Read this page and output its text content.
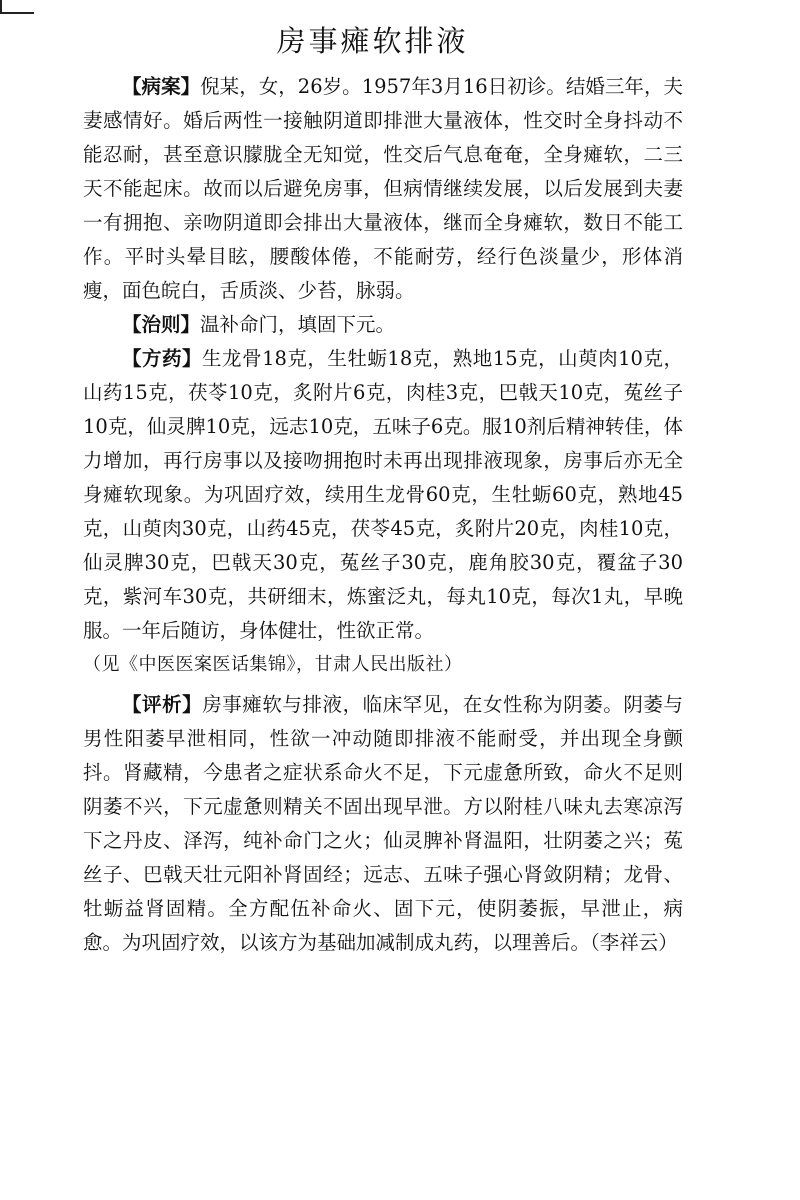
房事瘫软排液

【病案】倪某，女，26岁。1957年3月16日初诊。结婚三年，夫妻感情好。婚后两性一接触阴道即排泄大量液体，性交时全身抖动不能忍耐，甚至意识朦胧全无知觉，性交后气息奄奄，全身瘫软，二三天不能起床。故而以后避免房事，但病情继续发展，以后发展到夫妻一有拥抱、亲吻阴道即会排出大量液体，继而全身瘫软，数日不能工作。平时头晕目眩，腰酸体倦，不能耐劳，经行色淡量少，形体消瘦，面色皖白，舌质淡、少苔，脉弱。

【治则】温补命门，填固下元。

【方药】生龙骨18克，生牡蛎18克，熟地15克，山萸肉10克，山药15克，茯苓10克，炙附片6克，肉桂3克，巴戟天10克，菟丝子10克，仙灵脾10克，远志10克，五味子6克。服10剂后精神转佳，体力增加，再行房事以及接吻拥抱时未再出现排液现象，房事后亦无全身瘫软现象。为巩固疗效，续用生龙骨60克，生牡蛎60克，熟地45克，山萸肉30克，山药45克，茯苓45克，炙附片20克，肉桂10克，仙灵脾30克，巴戟天30克，菟丝子30克，鹿角胶30克，覆盆子30克，紫河车30克，共研细末，炼蜜泛丸，每丸10克，每次1丸，早晚服。一年后随访，身体健壮，性欲正常。

（见《中医医案医话集锦》，甘肃人民出版社）

【评析】房事瘫软与排液，临床罕见，在女性称为阴萎。阴萎与男性阳萎早泄相同，性欲一冲动随即排液不能耐受，并出现全身颤抖。肾藏精，今患者之症状系命火不足，下元虚惫所致，命火不足则阴萎不兴，下元虚惫则精关不固出现早泄。方以附桂八味丸去寒凉泻下之丹皮、泽泻，纯补命门之火；仙灵脾补肾温阳，壮阴萎之兴；菟丝子、巴戟天壮元阳补肾固经；远志、五味子强心肾敛阴精；龙骨、牡蛎益肾固精。全方配伍补命火、固下元，使阴萎振，早泄止，病愈。为巩固疗效，以该方为基础加减制成丸药，以理善后。（李祥云）
